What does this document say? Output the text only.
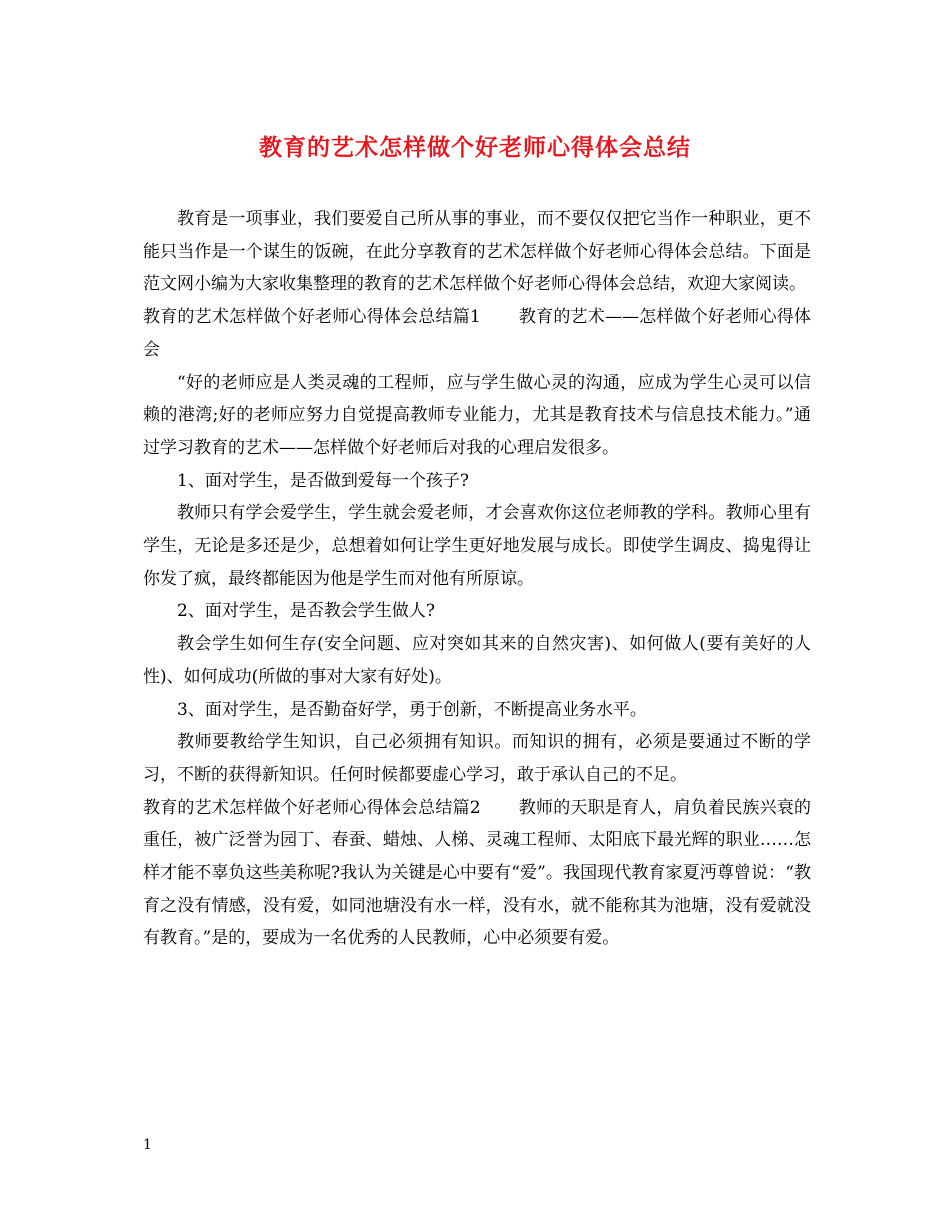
教育的艺术怎样做个好老师心得体会总结

教育是一项事业，我们要爱自己所从事的事业，而不要仅仅把它当作一种职业，更不能只当作是一个谋生的饭碗，在此分享教育的艺术怎样做个好老师心得体会总结。下面是范文网小编为大家收集整理的教育的艺术怎样做个好老师心得体会总结，欢迎大家阅读。

教育的艺术怎样做个好老师心得体会总结篇1 教育的艺术——怎样做个好老师心得体会

“好的老师应是人类灵魂的工程师，应与学生做心灵的沟通，应成为学生心灵可以信赖的港湾;好的老师应努力自觉提高教师专业能力，尤其是教育技术与信息技术能力。”通过学习教育的艺术——怎样做个好老师后对我的心理启发很多。

1、面对学生，是否做到爱每一个孩子?

教师只有学会爱学生，学生就会爱老师，才会喜欢你这位老师教的学科。教师心里有学生，无论是多还是少，总想着如何让学生更好地发展与成长。即使学生调皮、捣鬼得让你发了疯，最终都能因为他是学生而对他有所原谅。

2、面对学生，是否教会学生做人?

教会学生如何生存(安全问题、应对突如其来的自然灾害)、如何做人(要有美好的人性)、如何成功(所做的事对大家有好处)。

3、面对学生，是否勤奋好学，勇于创新，不断提高业务水平。

教师要教给学生知识，自己必须拥有知识。而知识的拥有，必须是要通过不断的学习，不断的获得新知识。任何时候都要虚心学习，敢于承认自己的不足。

教育的艺术怎样做个好老师心得体会总结篇2 教师的天职是育人，肩负着民族兴衰的重任，被广泛誉为园丁、春蚕、蜡烛、人梯、灵魂工程师、太阳底下最光辉的职业……怎样才能不辜负这些美称呢?我认为关键是心中要有“爱”。我国现代教育家夏沔尊曾说：“教育之没有情感，没有爱，如同池塘没有水一样，没有水，就不能称其为池塘，没有爱就没有教育。”是的，要成为一名优秀的人民教师，心中必须要有爱。

1
